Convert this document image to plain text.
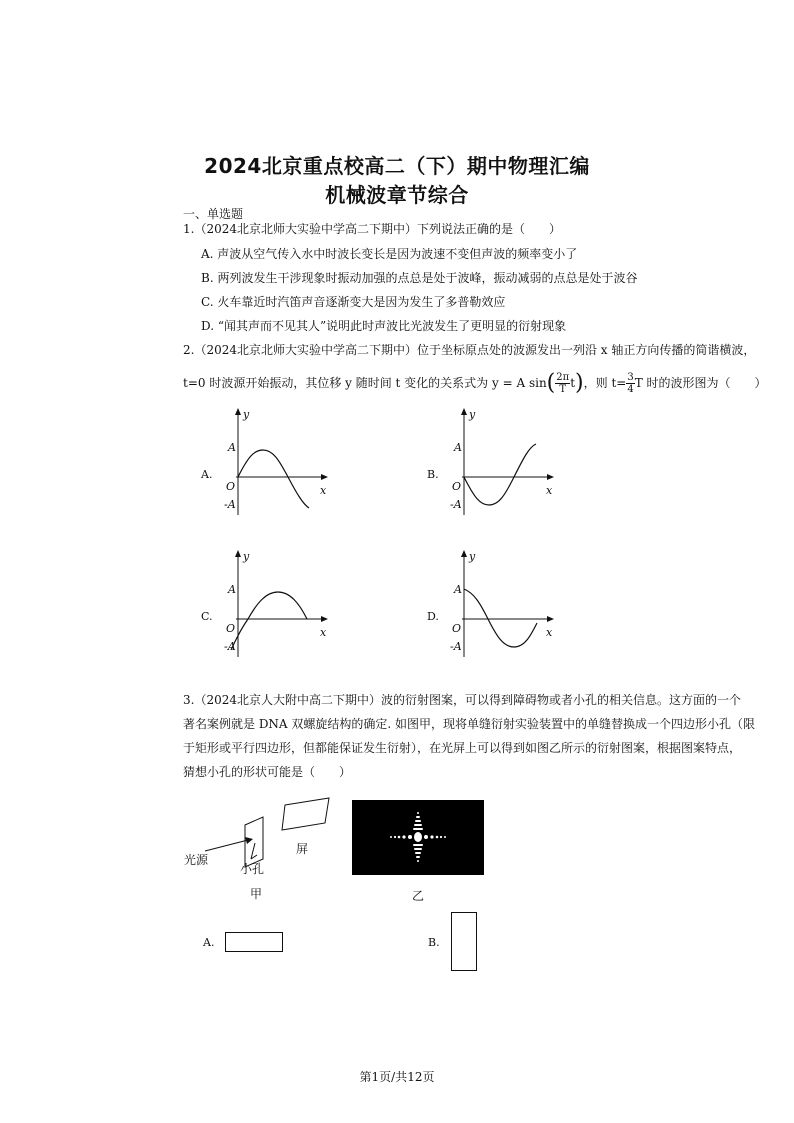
2024北京重点校高二（下）期中物理汇编
机械波章节综合
一、单选题
1.（2024北京北师大实验中学高二下期中）下列说法正确的是（　　）
A. 声波从空气传入水中时波长变长是因为波速不变但声波的频率变小了
B. 两列波发生干涉现象时振动加强的点总是处于波峰，振动减弱的点总是处于波谷
C. 火车靠近时汽笛声音逐渐变大是因为发生了多普勒效应
D. “闻其声而不见其人”说明此时声波比光波发生了更明显的衍射现象
2.（2024北京北师大实验中学高二下期中）位于坐标原点处的波源发出一列沿 x 轴正方向传播的简谐横波，
t=0 时波源开始振动，其位移 y 随时间 t 变化的关系式为 y = A $\sin( \frac{2\pi}{T} t)$，则 $t= \frac{3}{4}$ T 时的波形图为（　　）
A.
y
A
O	x
-A
B.
y
A
O	x
-A
C.
y
A
O	x
-A
D.
y
A
O	x
-A
3.（2024北京人大附中高二下期中）波的衍射图案，可以得到障碍物或者小孔的相关信息。这方面的一个
著名案例就是 DNA 双螺旋结构的确定. 如图甲，现将单缝衍射实验装置中的单缝替换成一个四边形小孔（限
于矩形或平行四边形，但都能保证发生衍射），在光屏上可以得到如图乙所示的衍射图案，根据图案特点，
猜想小孔的形状可能是（　　）
光源
屏
小孔
甲	乙
A.	B.
第1页/共12页
